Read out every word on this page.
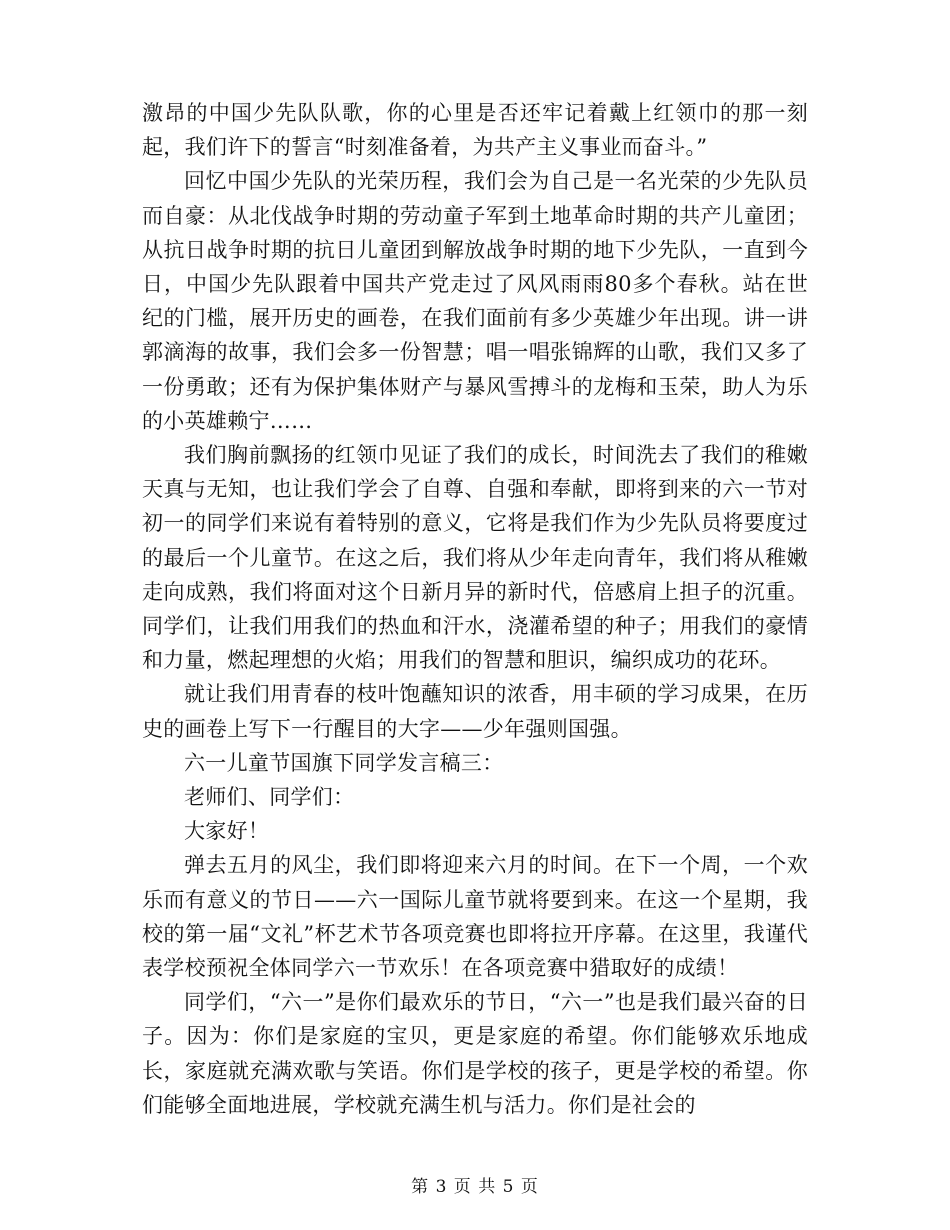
激昂的中国少先队队歌，你的心里是否还牢记着戴上红领巾的那一刻起，我们许下的誓言“时刻准备着，为共产主义事业而奋斗。”

回忆中国少先队的光荣历程，我们会为自己是一名光荣的少先队员而自豪：从北伐战争时期的劳动童子军到土地革命时期的共产儿童团；从抗日战争时期的抗日儿童团到解放战争时期的地下少先队，一直到今日，中国少先队跟着中国共产党走过了风风雨雨80多个春秋。站在世纪的门槛，展开历史的画卷，在我们面前有多少英雄少年出现。讲一讲郭滴海的故事，我们会多一份智慧；唱一唱张锦辉的山歌，我们又多了一份勇敢；还有为保护集体财产与暴风雪搏斗的龙梅和玉荣，助人为乐的小英雄赖宁……

我们胸前飘扬的红领巾见证了我们的成长，时间洗去了我们的稚嫩天真与无知，也让我们学会了自尊、自强和奉献，即将到来的六一节对初一的同学们来说有着特别的意义，它将是我们作为少先队员将要度过的最后一个儿童节。在这之后，我们将从少年走向青年，我们将从稚嫩走向成熟，我们将面对这个日新月异的新时代，倍感肩上担子的沉重。同学们，让我们用我们的热血和汗水，浇灌希望的种子；用我们的豪情和力量，燃起理想的火焰；用我们的智慧和胆识，编织成功的花环。

就让我们用青春的枝叶饱蘸知识的浓香，用丰硕的学习成果，在历史的画卷上写下一行醒目的大字——少年强则国强。

六一儿童节国旗下同学发言稿三：

老师们、同学们：

大家好！

弹去五月的风尘，我们即将迎来六月的时间。在下一个周，一个欢乐而有意义的节日——六一国际儿童节就将要到来。在这一个星期，我校的第一届“文礼”杯艺术节各项竞赛也即将拉开序幕。在这里，我谨代表学校预祝全体同学六一节欢乐！在各项竞赛中猎取好的成绩！

同学们，“六一”是你们最欢乐的节日，“六一”也是我们最兴奋的日子。因为：你们是家庭的宝贝，更是家庭的希望。你们能够欢乐地成长，家庭就充满欢歌与笑语。你们是学校的孩子，更是学校的希望。你们能够全面地进展，学校就充满生机与活力。你们是社会的

第 3 页 共 5 页
